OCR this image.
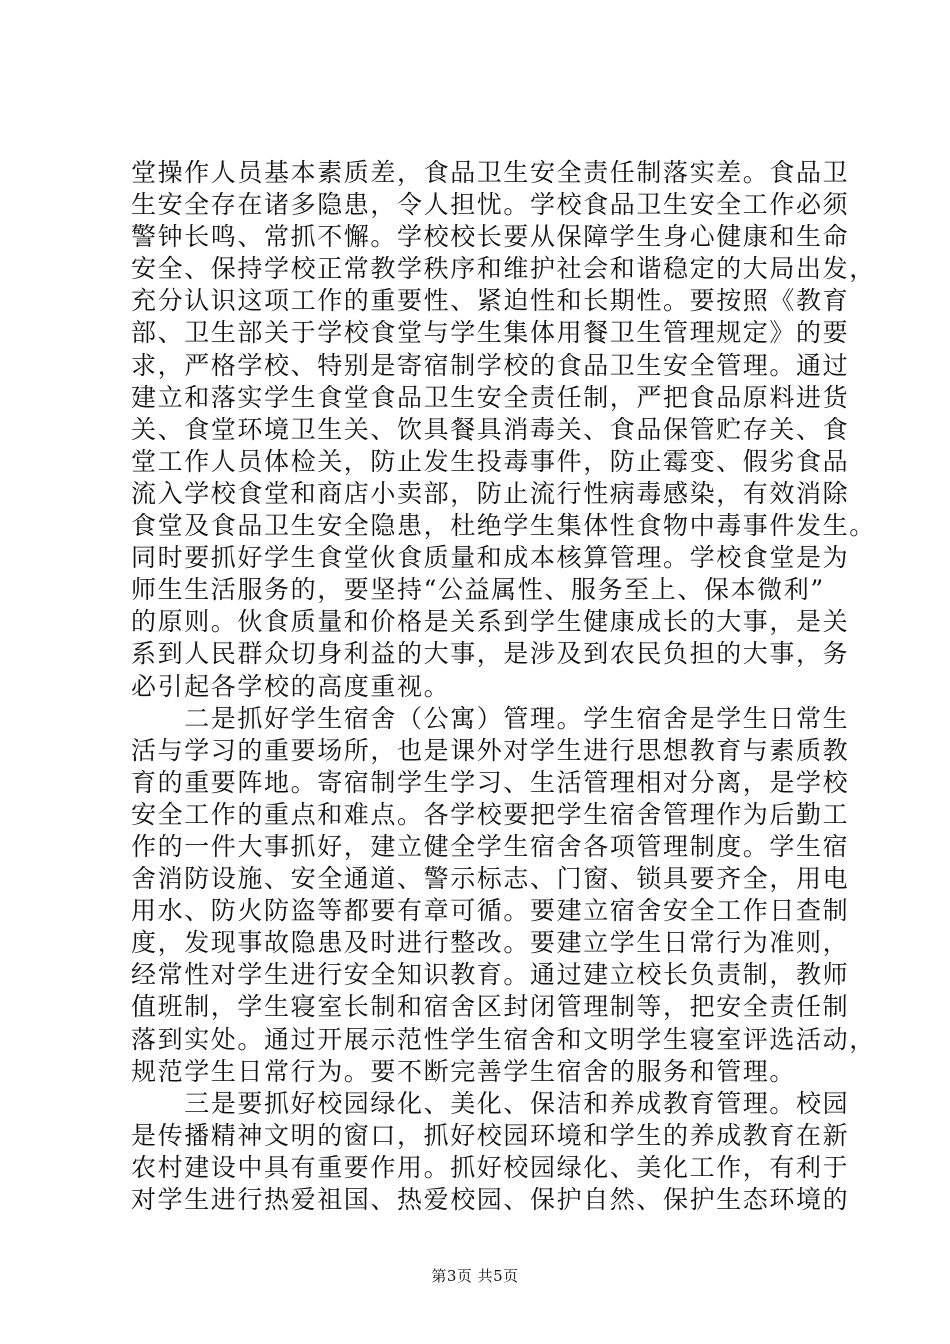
堂操作人员基本素质差，食品卫生安全责任制落实差。食品卫
生安全存在诸多隐患，令人担忧。学校食品卫生安全工作必须
警钟长鸣、常抓不懈。学校校长要从保障学生身心健康和生命
安全、保持学校正常教学秩序和维护社会和谐稳定的大局出发，
充分认识这项工作的重要性、紧迫性和长期性。要按照《教育
部、卫生部关于学校食堂与学生集体用餐卫生管理规定》的要
求，严格学校、特别是寄宿制学校的食品卫生安全管理。通过
建立和落实学生食堂食品卫生安全责任制，严把食品原料进货
关、食堂环境卫生关、饮具餐具消毒关、食品保管贮存关、食
堂工作人员体检关，防止发生投毒事件，防止霉变、假劣食品
流入学校食堂和商店小卖部，防止流行性病毒感染，有效消除
食堂及食品卫生安全隐患，杜绝学生集体性食物中毒事件发生。
同时要抓好学生食堂伙食质量和成本核算管理。学校食堂是为
师生生活服务的，要坚持“公益属性、服务至上、保本微利”
的原则。伙食质量和价格是关系到学生健康成长的大事，是关
系到人民群众切身利益的大事，是涉及到农民负担的大事，务
必引起各学校的高度重视。
　　二是抓好学生宿舍（公寓）管理。学生宿舍是学生日常生
活与学习的重要场所，也是课外对学生进行思想教育与素质教
育的重要阵地。寄宿制学生学习、生活管理相对分离，是学校
安全工作的重点和难点。各学校要把学生宿舍管理作为后勤工
作的一件大事抓好，建立健全学生宿舍各项管理制度。学生宿
舍消防设施、安全通道、警示标志、门窗、锁具要齐全，用电
用水、防火防盗等都要有章可循。要建立宿舍安全工作日查制
度，发现事故隐患及时进行整改。要建立学生日常行为准则，
经常性对学生进行安全知识教育。通过建立校长负责制，教师
值班制，学生寝室长制和宿舍区封闭管理制等，把安全责任制
落到实处。通过开展示范性学生宿舍和文明学生寝室评选活动，
规范学生日常行为。要不断完善学生宿舍的服务和管理。
　　三是要抓好校园绿化、美化、保洁和养成教育管理。校园
是传播精神文明的窗口，抓好校园环境和学生的养成教育在新
农村建设中具有重要作用。抓好校园绿化、美化工作，有利于
对学生进行热爱祖国、热爱校园、保护自然、保护生态环境的
第3页 共5页
